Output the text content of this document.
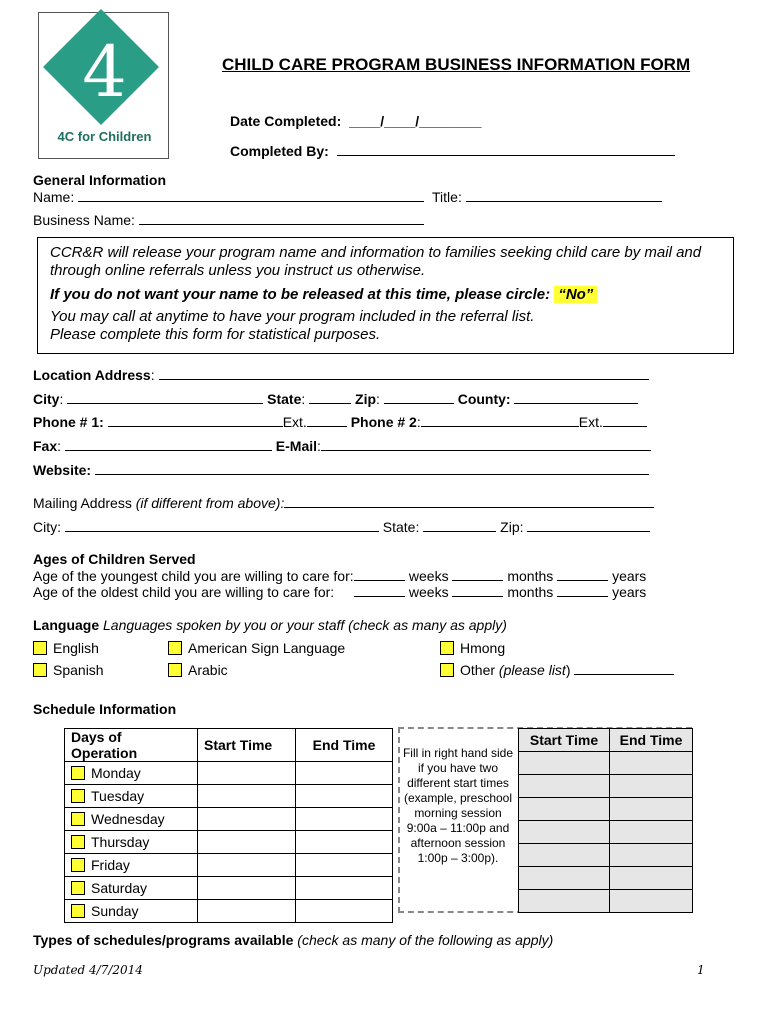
4
4C for Children
CHILD CARE PROGRAM BUSINESS INFORMATION FORM
Date Completed: ____/____/________
Completed By:
General Information
Name:	Title:
Business Name:
CCR&R will release your program name and information to families seeking child care by mail and through online referrals unless you instruct us otherwise.
If you do not want your name to be released at this time, please circle: “No”
You may call at anytime to have your program included in the referral list.
Please complete this form for statistical purposes.
Location Address:
City:	State:	Zip:	County:
Phone # 1:	Ext.	Phone # 2:	Ext.
Fax:	E-Mail:
Website:
Mailing Address (if different from above):
City:	State:	Zip:
Ages of Children Served
Age of the youngest child you are willing to care for:	weeks	months	years
Age of the oldest child you are willing to care for:	weeks	months	years
Language Languages spoken by you or your staff (check as many as apply)
English	American Sign Language	Hmong
Spanish	Arabic	Other (please list)
Schedule Information
Days of Operation	Start Time	End Time
Monday		
Tuesday		
Wednesday		
Thursday		
Friday		
Saturday		
Sunday		
Fill in right hand side if you have two different start times (example, preschool morning session 9:00a – 11:00p and afternoon session 1:00p – 3:00p).
Start Time	End Time

Types of schedules/programs available (check as many of the following as apply)
Updated 4/7/2014	1
